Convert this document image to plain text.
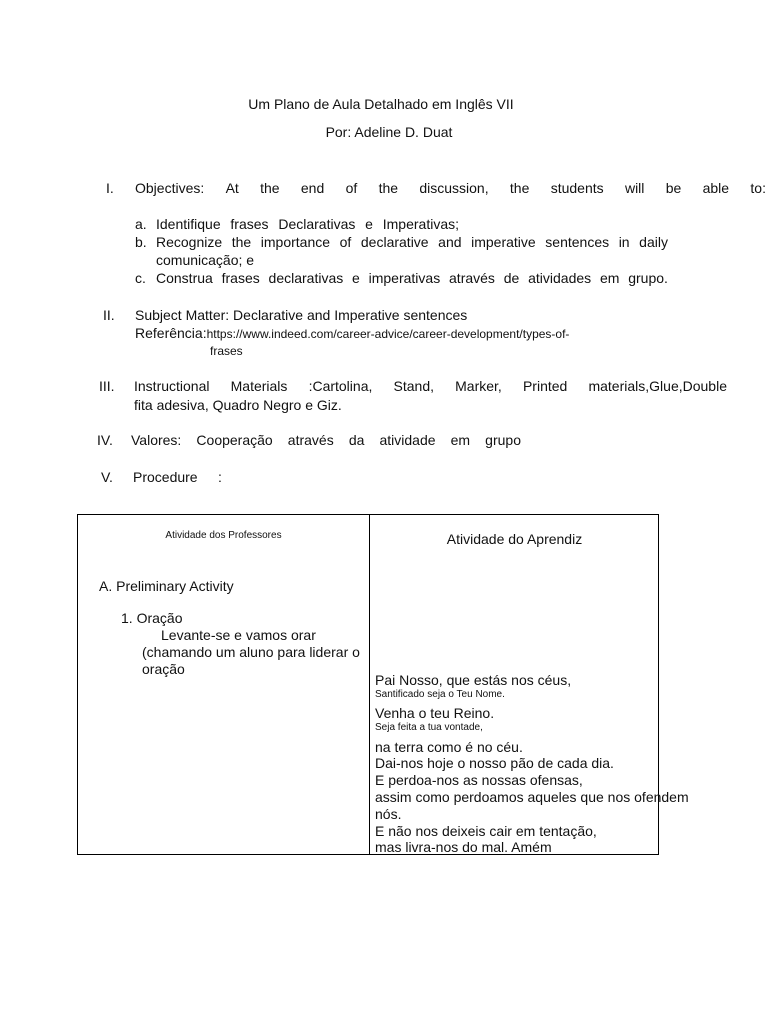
Um Plano de Aula Detalhado em Inglês VII
Por: Adeline D. Duat
I. Objectives: At the end of the discussion, the students will be able to:
a. Identifique frases Declarativas e Imperativas;
b. Recognize the importance of declarative and imperative sentences in daily
comunicação; e
c. Construa frases declarativas e imperativas através de atividades em grupo.
II. Subject Matter: Declarative and Imperative sentences
Referência:https://www.indeed.com/career-advice/career-development/types-of-
frases
III. Instructional Materials :Cartolina, Stand, Marker, Printed materials,Glue,Double
fita adesiva, Quadro Negro e Giz.
IV. Valores: Cooperação através da atividade em grupo
V. Procedure :
Atividade dos Professores	Atividade do Aprendiz
A. Preliminary Activity
1. Oração
Levante-se e vamos orar
(chamando um aluno para liderar o
oração
Pai Nosso, que estás nos céus,
Santificado seja o Teu Nome.
Venha o teu Reino.
Seja feita a tua vontade,
na terra como é no céu.
Dai-nos hoje o nosso pão de cada dia.
E perdoa-nos as nossas ofensas,
assim como perdoamos aqueles que nos ofendem
nós.
E não nos deixeis cair em tentação,
mas livra-nos do mal. Amém
